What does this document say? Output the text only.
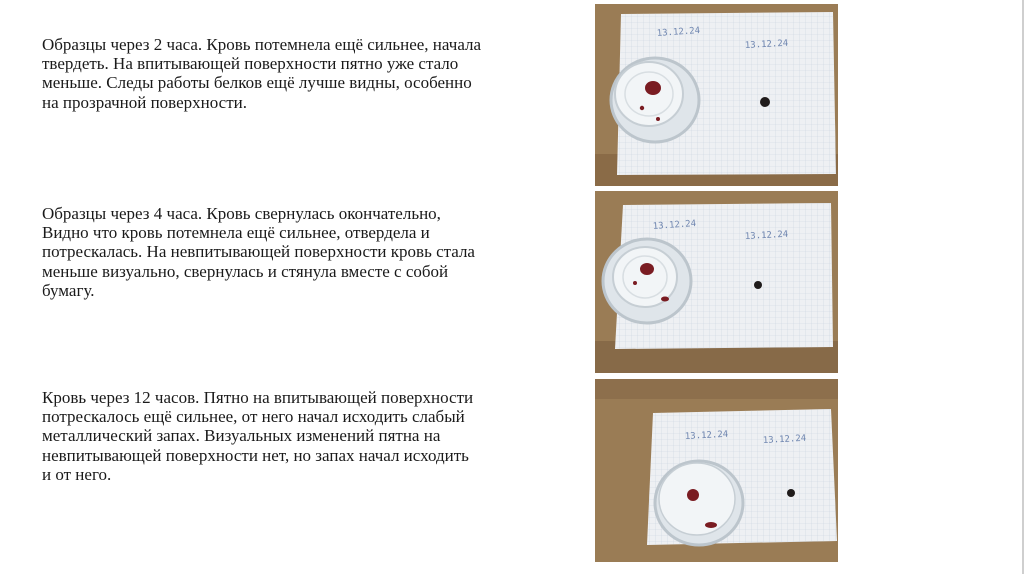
Образцы через 2 часа. Кровь потемнела ещё сильнее, начала твердеть. На впитывающей поверхности пятно уже стало меньше. Следы работы белков ещё лучше видны, особенно на прозрачной поверхности.

Образцы через 4 часа. Кровь свернулась окончательно, Видно что кровь потемнела ещё сильнее, отвердела и потрескалась. На невпитывающей поверхности кровь стала меньше визуально, свернулась и стянула вместе с собой бумагу.

Кровь через 12 часов. Пятно на впитывающей поверхности потрескалось ещё сильнее, от него начал исходить слабый металлический запах. Визуальных изменений пятна на невпитывающей поверхности нет, но запах начал исходить и от него.

13.12.24
13.12.24
13.12.24
13.12.24
13.12.24	13.12.24
